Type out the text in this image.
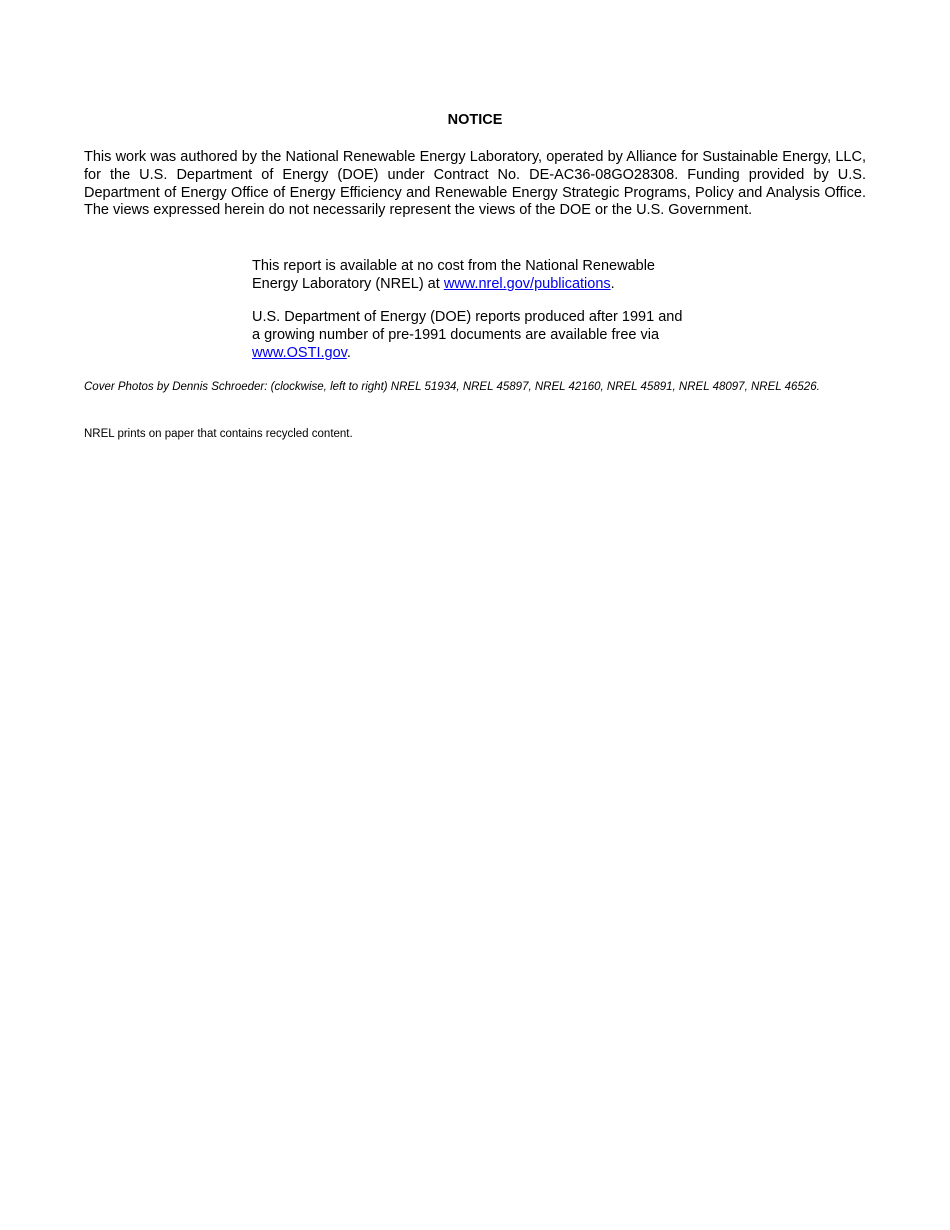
NOTICE

This work was authored by the National Renewable Energy Laboratory, operated by Alliance for Sustainable Energy, LLC, for the U.S. Department of Energy (DOE) under Contract No. DE-AC36-08GO28308. Funding provided by U.S. Department of Energy Office of Energy Efficiency and Renewable Energy Strategic Programs, Policy and Analysis Office. The views expressed herein do not necessarily represent the views of the DOE or the U.S. Government.

This report is available at no cost from the National Renewable Energy Laboratory (NREL) at www.nrel.gov/publications.

U.S. Department of Energy (DOE) reports produced after 1991 and a growing number of pre-1991 documents are available free via www.OSTI.gov.

Cover Photos by Dennis Schroeder: (clockwise, left to right) NREL 51934, NREL 45897, NREL 42160, NREL 45891, NREL 48097, NREL 46526.

NREL prints on paper that contains recycled content.
